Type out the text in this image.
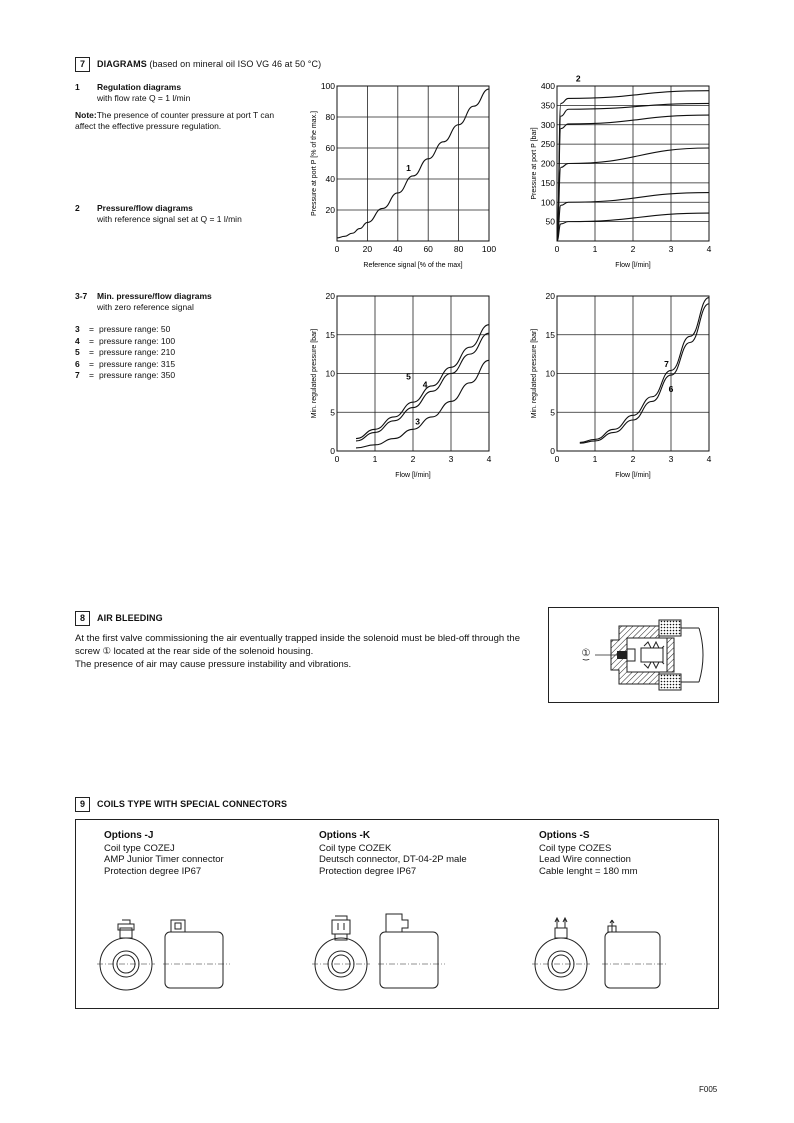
7	DIAGRAMS (based on mineral oil ISO VG 46 at 50 °C)
1 Regulation diagrams
with flow rate Q = 1 l/min
Note:The presence of counter pressure at port T can affect the effective pressure regulation.
2 Pressure/flow diagrams
with reference signal set at Q = 1 l/min
3-7 Min. pressure/flow diagrams
with zero reference signal
3	= pressure range: 50
4	= pressure range: 100
5	= pressure range: 210
6	= pressure range: 315
7	= pressure range: 350
0	20 40 60 80 100
20
40
60
80
100
Reference signal [% of the max]
Pressure at port P [% of the max.]	1
0	1	2	3	4
50
100
150
200
250
300
350
400
Flow [l/min]
Pressure at port P [bar]
2
0	1	2	3	4
5
10
15
20
0
Flow [l/min]
Min. regulated pressure [bar]	5
4
3
0	1	2	3	4
5
10
15
20
0
Flow [l/min]
Min. regulated pressure [bar]	7
6
8	AIR BLEEDING
At the first valve commissioning the air eventually trapped inside the solenoid must be bled-off through the screw ① located at the rear side of the solenoid housing.
The presence of air may cause pressure instability and vibrations.
①
9	COILS TYPE WITH SPECIAL CONNECTORS
Options -J
Coil type COZEJ
AMP Junior Timer connector
Protection degree IP67
Options -K
Coil type COZEK
Deutsch connector, DT-04-2P male
Protection degree IP67
Options -S
Coil type COZES
Lead Wire connection
Cable lenght = 180 mm
F005
